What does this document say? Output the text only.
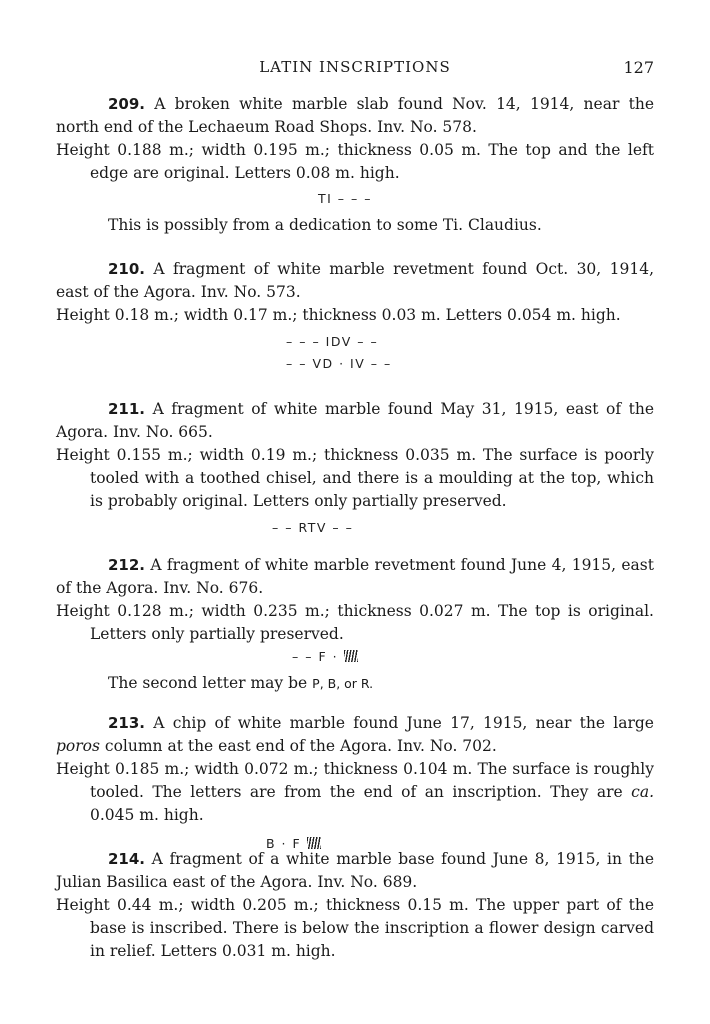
LATIN INSCRIPTIONS	127
209. A broken white marble slab found Nov. 14, 1914, near the north end of the Lechaeum Road Shops. Inv. No. 578.
Height 0.188 m.; width 0.195 m.; thickness 0.05 m. The top and the left edge are original. Letters 0.08 m. high.
TI – – –
This is possibly from a dedication to some Ti. Claudius.
210. A fragment of white marble revetment found Oct. 30, 1914, east of the Agora. Inv. No. 573.
Height 0.18 m.; width 0.17 m.; thickness 0.03 m. Letters 0.054 m. high.
– – – IDV – –
– – VD · IV – –
211. A fragment of white marble found May 31, 1915, east of the Agora. Inv. No. 665.
Height 0.155 m.; width 0.19 m.; thickness 0.035 m. The surface is poorly tooled with a toothed chisel, and there is a moulding at the top, which is probably original. Letters only partially preserved.
– – RTV – –
212. A fragment of white marble revetment found June 4, 1915, east of the Agora. Inv. No. 676.
Height 0.128 m.; width 0.235 m.; thickness 0.027 m. The top is original. Letters only partially preserved.
– – F ·
The second letter may be P, B, or R.
213. A chip of white marble found June 17, 1915, near the large poros column at the east end of the Agora. Inv. No. 702.
Height 0.185 m.; width 0.072 m.; thickness 0.104 m. The surface is roughly tooled. The letters are from the end of an inscription. They are ca. 0.045 m. high.
B · F
214. A fragment of a white marble base found June 8, 1915, in the Julian Basilica east of the Agora. Inv. No. 689.
Height 0.44 m.; width 0.205 m.; thickness 0.15 m. The upper part of the base is inscribed. There is below the inscription a flower design carved in relief. Letters 0.031 m. high.
